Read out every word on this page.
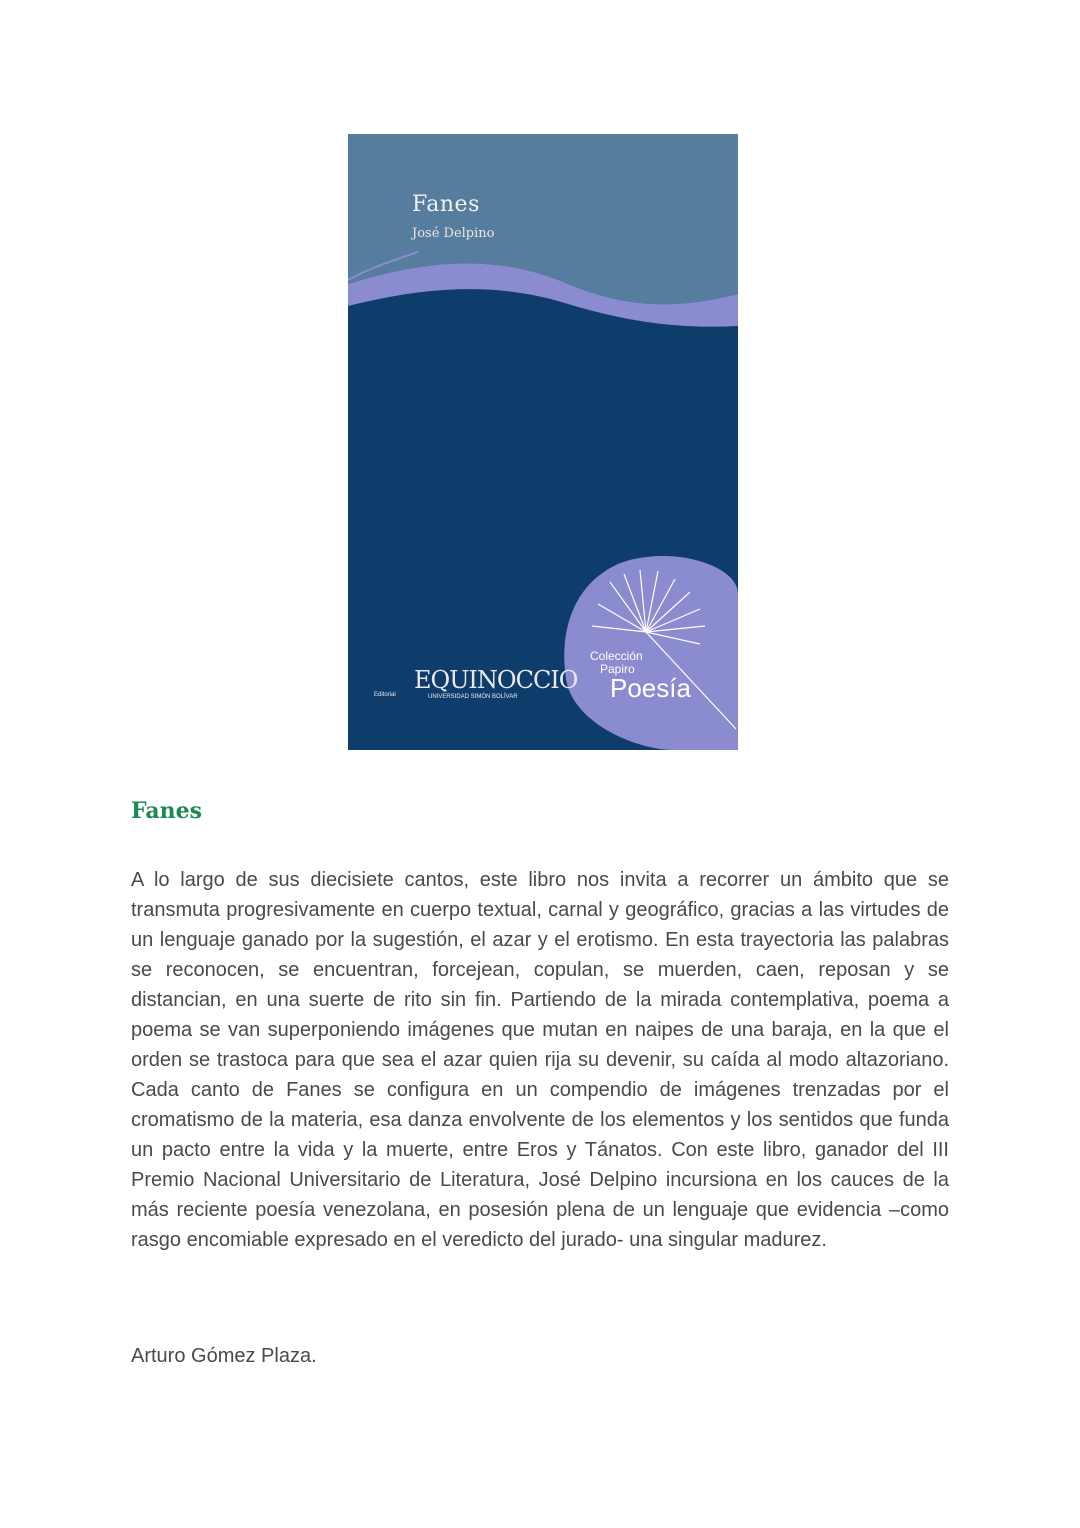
Fanes
José Delpino
EQUINOCCIO
Editorial	UNIVERSIDAD SIMÓN BOLÍVAR
Colección
Papiro
Poesía
Fanes

A lo largo de sus diecisiete cantos, este libro nos invita a recorrer un ámbito que se transmuta progresivamente en cuerpo textual, carnal y geográfico, gracias a las virtudes de un lenguaje ganado por la sugestión, el azar y el erotismo. En esta trayectoria las palabras se reconocen, se encuentran, forcejean, copulan, se muerden, caen, reposan y se distancian, en una suerte de rito sin fin. Partiendo de la mirada contemplativa, poema a poema se van superponiendo imágenes que mutan en naipes de una baraja, en la que el orden se trastoca para que sea el azar quien rija su devenir, su caída al modo altazoriano. Cada canto de Fanes se configura en un compendio de imágenes trenzadas por el cromatismo de la materia, esa danza envolvente de los elementos y los sentidos que funda un pacto entre la vida y la muerte, entre Eros y Tánatos. Con este libro, ganador del III Premio Nacional Universitario de Literatura, José Delpino incursiona en los cauces de la más reciente poesía venezolana, en posesión plena de un lenguaje que evidencia –como rasgo encomiable expresado en el veredicto del jurado- una singular madurez.

Arturo Gómez Plaza.
